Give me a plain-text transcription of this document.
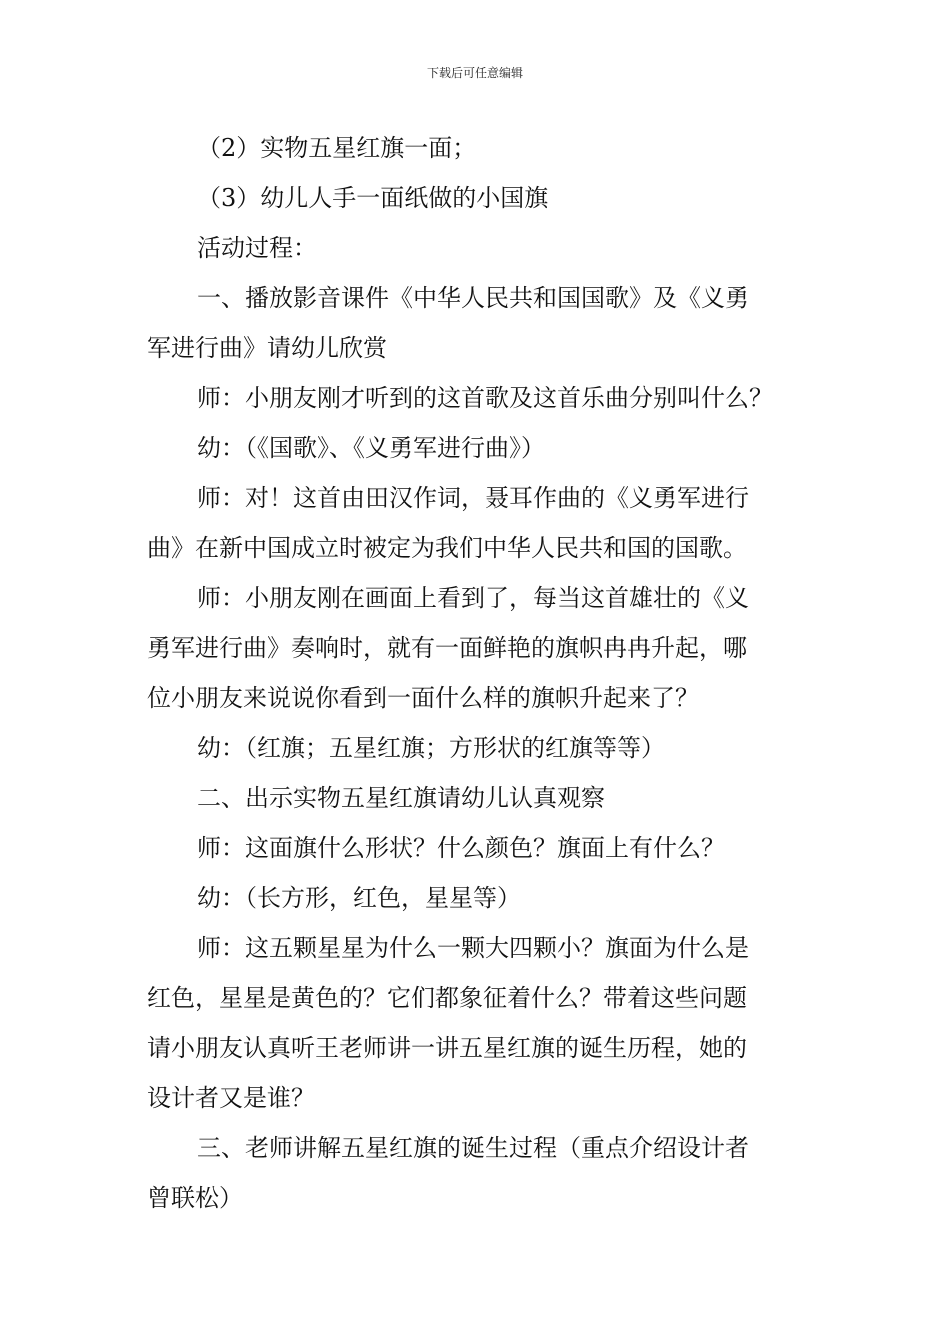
下载后可任意编辑
（2）实物五星红旗一面；
（3）幼儿人手一面纸做的小国旗
活动过程：
一、播放影音课件《中华人民共和国国歌》及《义勇
军进行曲》请幼儿欣赏
师：小朋友刚才听到的这首歌及这首乐曲分别叫什么？
幼：（《国歌》、《义勇军进行曲》）
师：对！这首由田汉作词，聂耳作曲的《义勇军进行
曲》在新中国成立时被定为我们中华人民共和国的国歌。
师：小朋友刚在画面上看到了，每当这首雄壮的《义
勇军进行曲》奏响时，就有一面鲜艳的旗帜冉冉升起，哪
位小朋友来说说你看到一面什么样的旗帜升起来了？
幼：（红旗；五星红旗；方形状的红旗等等）
二、出示实物五星红旗请幼儿认真观察
师：这面旗什么形状？什么颜色？旗面上有什么？
幼：（长方形，红色，星星等）
师：这五颗星星为什么一颗大四颗小？旗面为什么是
红色，星星是黄色的？它们都象征着什么？带着这些问题
请小朋友认真听王老师讲一讲五星红旗的诞生历程，她的
设计者又是谁？
三、老师讲解五星红旗的诞生过程（重点介绍设计者
曾联松）
